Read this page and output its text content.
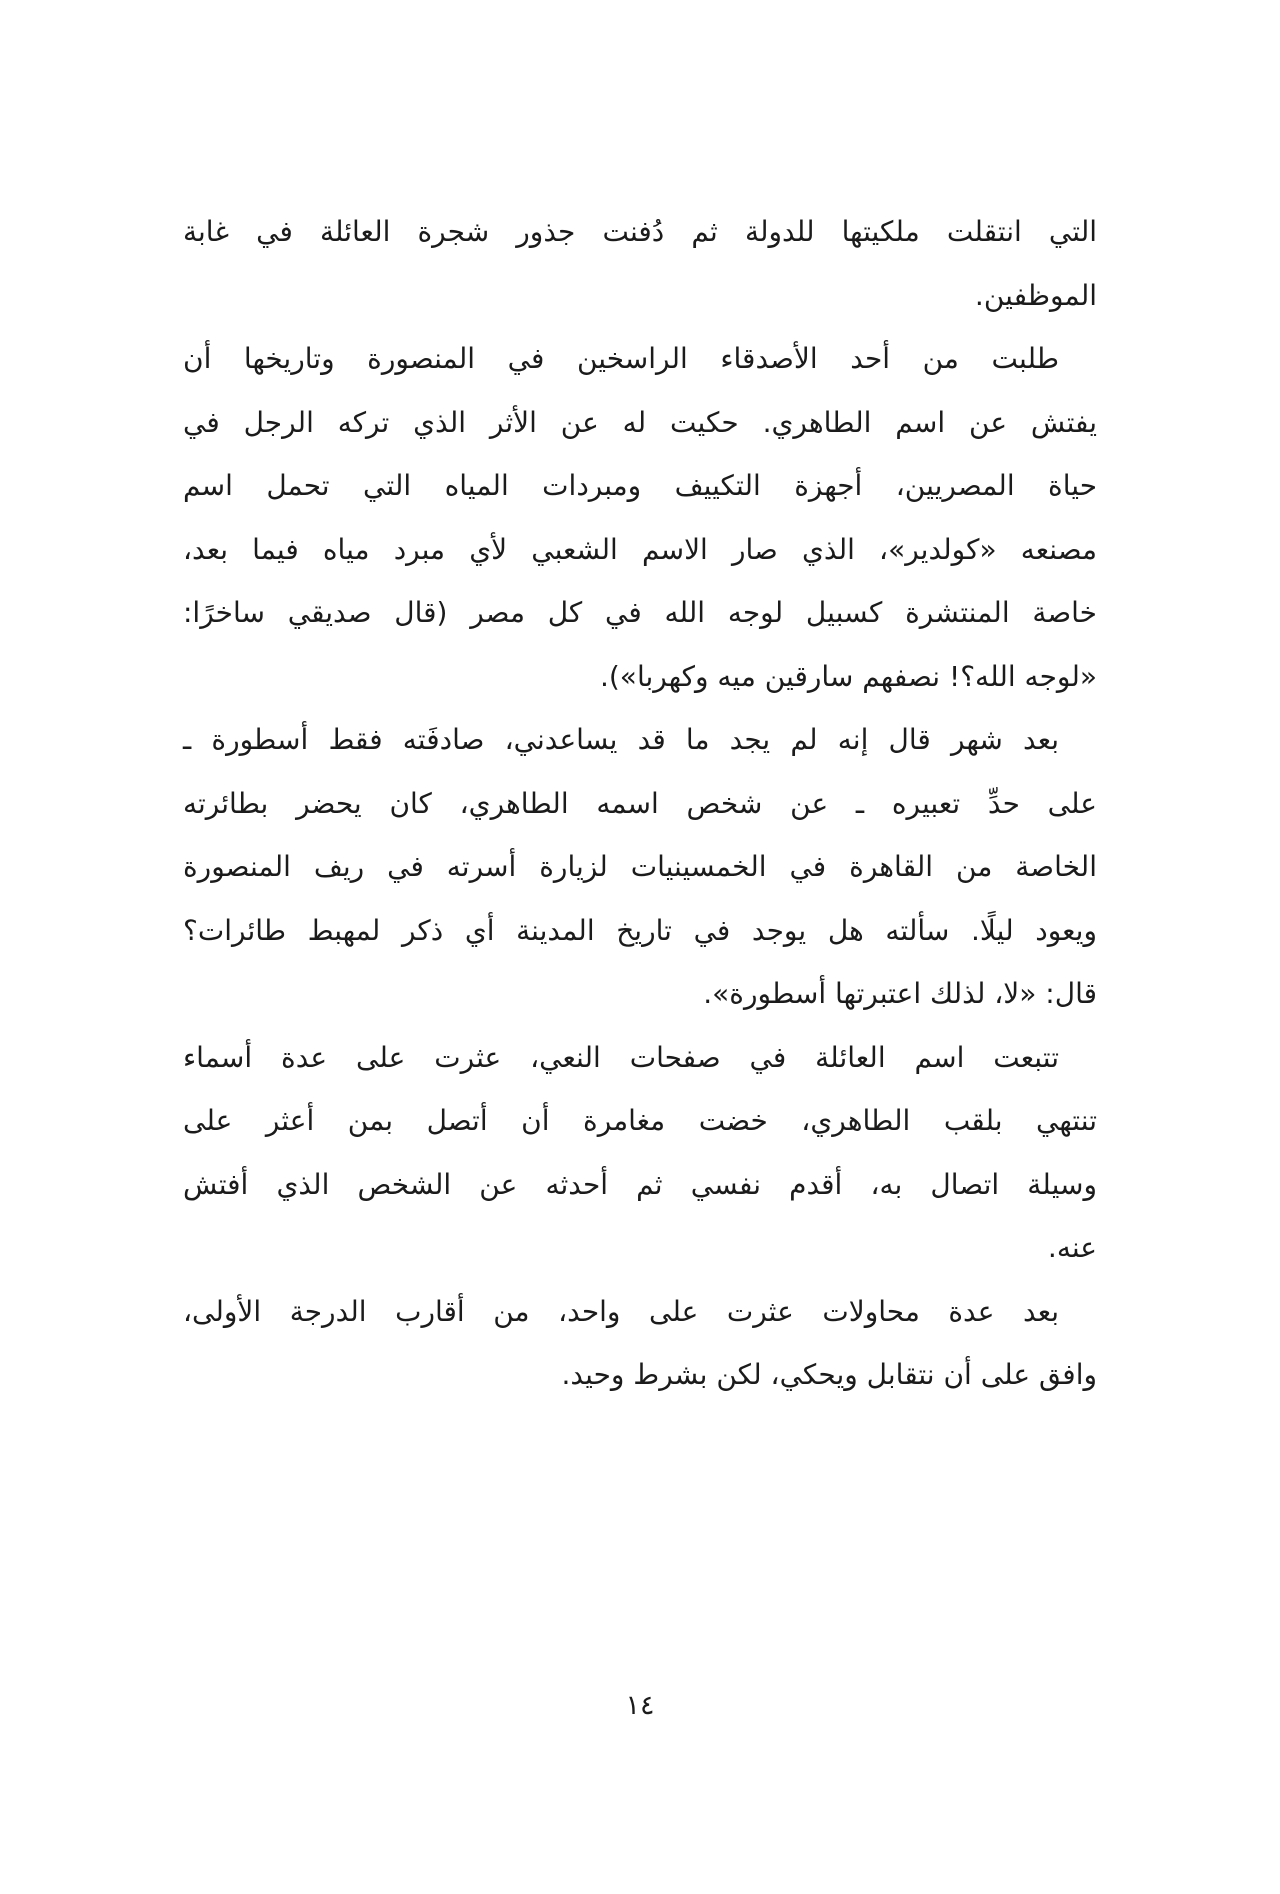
التي انتقلت ملكيتها للدولة ثم دُفنت جذور شجرة العائلة في غابة
الموظفين.
طلبت من أحد الأصدقاء الراسخين في المنصورة وتاريخها أن
يفتش عن اسم الطاهري. حكيت له عن الأثر الذي تركه الرجل في
حياة المصريين، أجهزة التكييف ومبردات المياه التي تحمل اسم
مصنعه «كولدير»، الذي صار الاسم الشعبي لأي مبرد مياه فيما بعد،
خاصة المنتشرة كسبيل لوجه الله في كل مصر (قال صديقي ساخرًا:
«لوجه الله؟! نصفهم سارقين ميه وكهربا»).
بعد شهر قال إنه لم يجد ما قد يساعدني، صادفَته فقط أسطورة ـ
على حدِّ تعبيره ـ عن شخص اسمه الطاهري، كان يحضر بطائرته
الخاصة من القاهرة في الخمسينيات لزيارة أسرته في ريف المنصورة
ويعود ليلًا. سألته هل يوجد في تاريخ المدينة أي ذكر لمهبط طائرات؟
قال: «لا، لذلك اعتبرتها أسطورة».
تتبعت اسم العائلة في صفحات النعي، عثرت على عدة أسماء
تنتهي بلقب الطاهري، خضت مغامرة أن أتصل بمن أعثر على
وسيلة اتصال به، أقدم نفسي ثم أحدثه عن الشخص الذي أفتش
عنه.
بعد عدة محاولات عثرت على واحد، من أقارب الدرجة الأولى،
وافق على أن نتقابل ويحكي، لكن بشرط وحيد.
١٤
